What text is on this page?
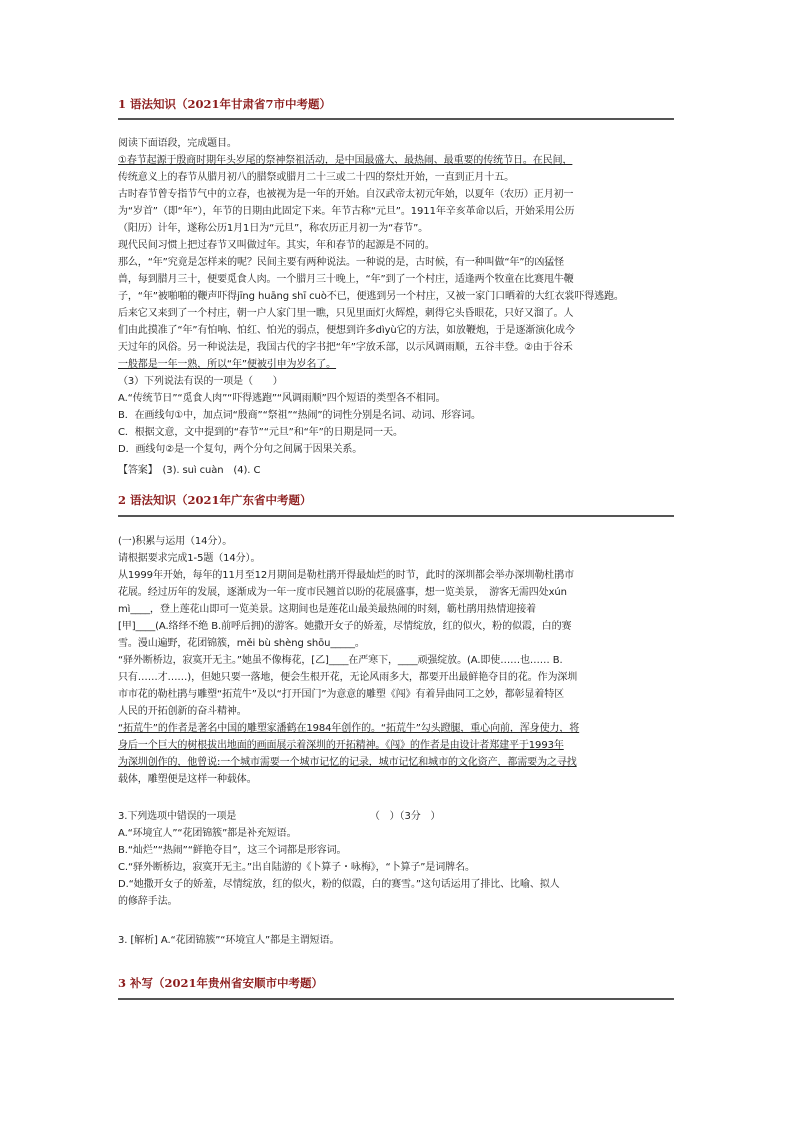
1 语法知识（2021年甘肃省7市中考题）
阅读下面语段，完成题目。
①春节起源于殷商时期年头岁尾的祭神祭祖活动，是中国最盛大、最热闹、最重要的传统节日。在民间，
传统意义上的春节从腊月初八的腊祭或腊月二十三或二十四的祭灶开始，一直到正月十五。
古时春节曾专指节气中的立春，也被视为是一年的开始。自汉武帝太初元年始，以夏年（农历）正月初一
为“岁首”（即“年”），年节的日期由此固定下来。年节古称“元旦”。1911年辛亥革命以后，开始采用公历
（阳历）计年，遂称公历1月1日为“元旦”，称农历正月初一为“春节”。
现代民间习惯上把过春节又叫做过年。其实，年和春节的起源是不同的。
那么，“年”究竟是怎样来的呢？民间主要有两种说法。一种说的是，古时候，有一种叫做“年”的凶猛怪
兽，每到腊月三十，便要觅食人肉。一个腊月三十晚上，“年”到了一个村庄，适逢两个牧童在比赛甩牛鞭
子，“年”被啪啪的鞭声吓得jīng huāng shī cuò不已，便逃到另一个村庄，又被一家门口晒着的大红衣裳吓得逃跑。
后来它又来到了一个村庄，朝一户人家门里一瞧，只见里面灯火辉煌，刺得它头昏眼花，只好又溜了。人
们由此摸准了“年”有怕响、怕红、怕光的弱点，便想到许多dìyù它的方法，如放鞭炮，于是逐渐演化成今
天过年的风俗。另一种说法是，我国古代的字书把“年”字放禾部，以示风调雨顺，五谷丰登。②由于谷禾
一般都是一年一熟，所以“年”便被引申为岁名了。
（3）下列说法有误的一项是（　　）
A.“传统节日”“觅食人肉”“吓得逃跑”“风调雨顺”四个短语的类型各不相同。
B．在画线句①中，加点词“殷商”“祭祖”“热闹”的词性分别是名词、动词、形容词。
C．根据文意，文中提到的“春节”“元旦”和“年”的日期是同一天。
D．画线句②是一个复句，两个分句之间属于因果关系。
【答案】　(3). suì cuàn　(4). C
2 语法知识（2021年广东省中考题）
(一)积累与运用（14分）。
请根据要求完成1-5题（14分）。
从1999年开始，每年的11月至12月期间是勒杜鹃开得最灿烂的时节，此时的深圳都会举办深圳勒杜鹃市
花展。经过历年的发展，逐渐成为一年一度市民翘首以盼的花展盛事，想一览美景，　游客无需四处xún
mì____，登上莲花山即可一览美景。这期间也是莲花山最美最热闹的时刻，簕杜鹃用热情迎接着
[甲]____(A.络绎不绝 B.前呼后拥)的游客。她撒开女子的娇羞，尽情绽放，红的似火，粉的似霞，白的赛
雪。漫山遍野，花团锦簇，měi bù shèng shōu_____。
“驿外断桥边，寂寞开无主。”她虽不像梅花，[乙]____在严寒下，____顽强绽放。(A.即使……也…… B.
只有……才……)，但她只要一落地，便会生根开花，无论风雨多大，都要开出最鲜艳夺目的花。作为深圳
市市花的勒杜鹃与雕塑“拓荒牛”及以“打开国门”为意意的雕塑《闯》有着异曲同工之妙，都彰显着特区
人民的开拓创新的奋斗精神。
“拓荒牛”的作者是著名中国的雕塑家潘鹤在1984年创作的。“拓荒牛”勾头蹬腿，重心向前，浑身使力，将
身后一个巨大的树根拔出地面的画面展示着深圳的开拓精神。《闯》的作者是由设计者郑建平于1993年
为深圳创作的，他曾说:一个城市需要一个城市记忆的记录，城市记忆和城市的文化资产，都需要为之寻找
载体，雕塑便是这样一种载体。
3.下列选项中错误的一项是　　　　　　　　　　　　　　（　）（3分　）
A.“环境宜人”“花团锦簇”都是补充短语。
B.“灿烂”“热闹”“鲜艳夺目”，这三个词都是形容词。
C.“驿外断桥边，寂寞开无主。”出自陆游的《卜算子・咏梅》，“卜算子”是词牌名。
D.“她撒开女子的娇羞，尽情绽放，红的似火，粉的似霞，白的赛雪。”这句话运用了排比、比喻、拟人
的修辞手法。
3. [解析] A.“花团锦簇”“环境宜人”都是主谓短语。
3 补写（2021年贵州省安顺市中考题）
